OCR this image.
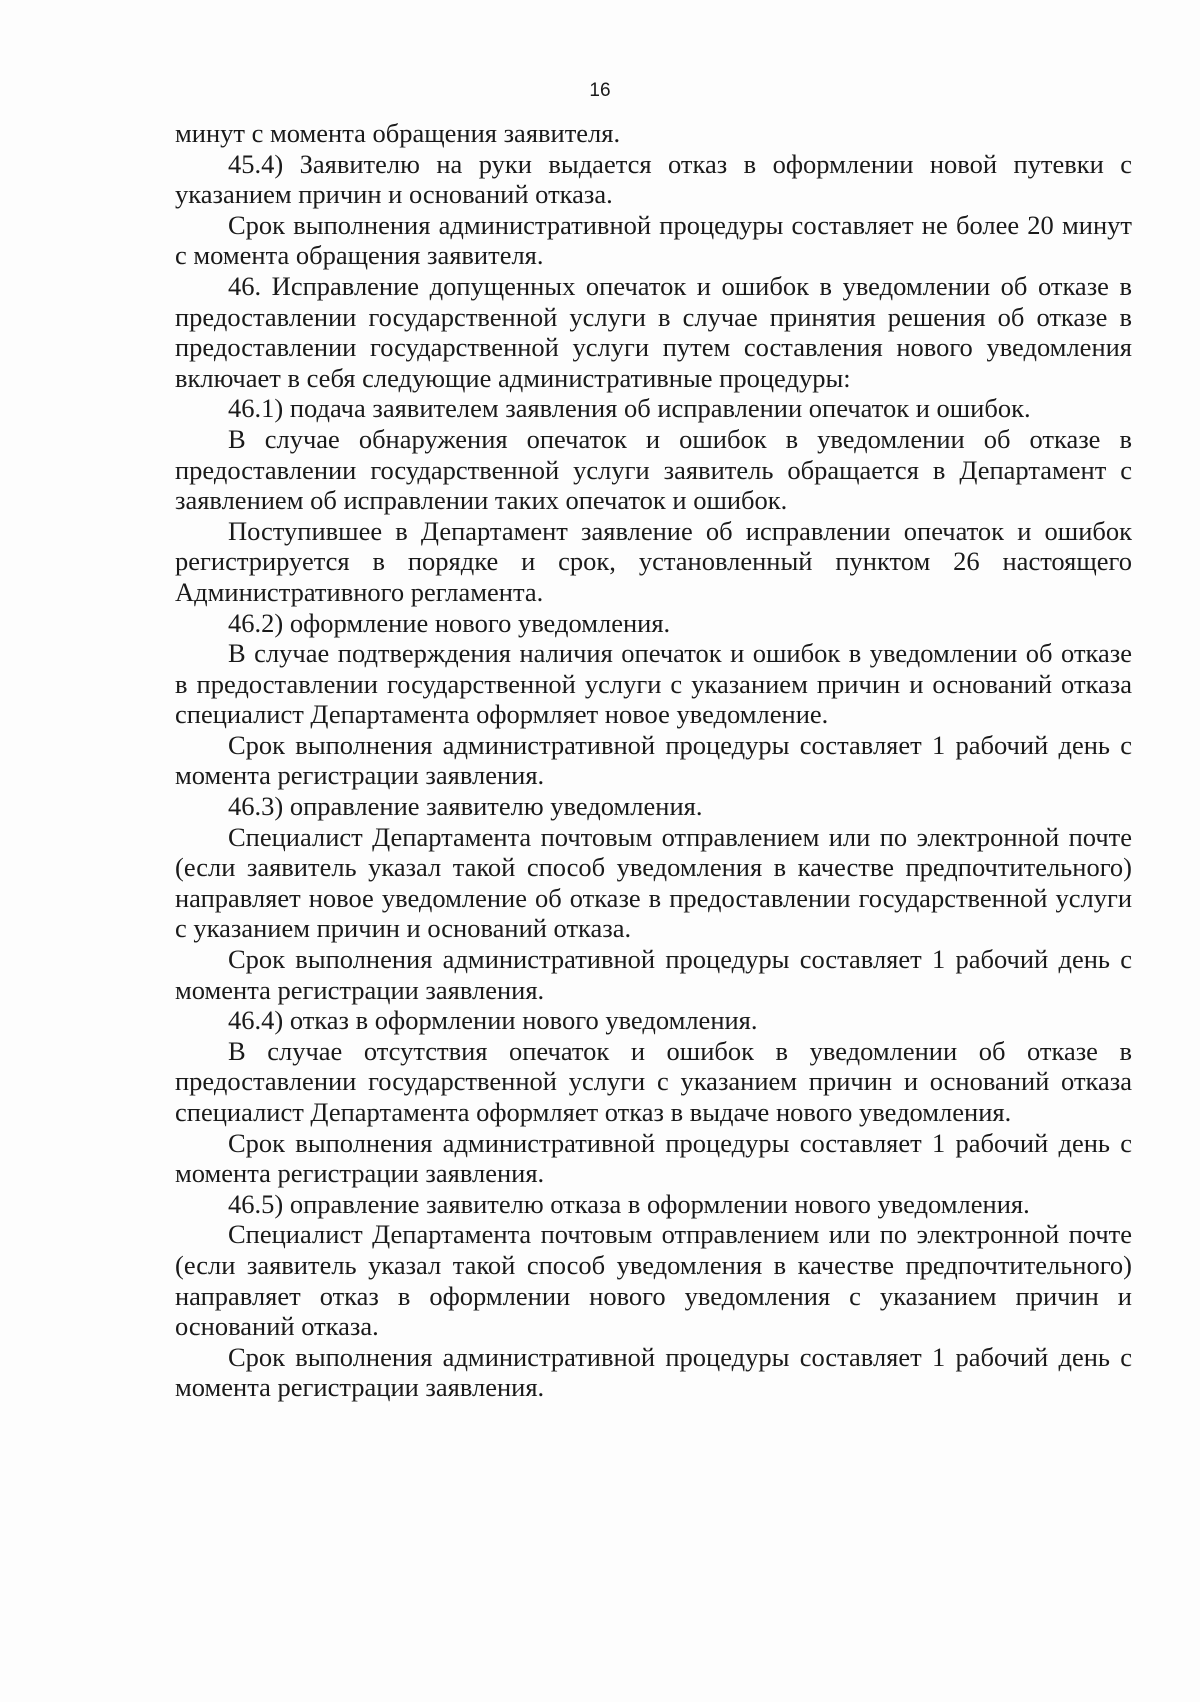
16

минут с момента обращения заявителя.

45.4) Заявителю на руки выдается отказ в оформлении новой путевки с указанием причин и оснований отказа.

Срок выполнения административной процедуры составляет не более 20 минут с момента обращения заявителя.

46. Исправление допущенных опечаток и ошибок в уведомлении об отказе в предоставлении государственной услуги в случае принятия решения об отказе в предоставлении государственной услуги путем составления нового уведомления включает в себя следующие административные процедуры:

46.1) подача заявителем заявления об исправлении опечаток и ошибок.

В случае обнаружения опечаток и ошибок в уведомлении об отказе в предоставлении государственной услуги заявитель обращается в Департамент с заявлением об исправлении таких опечаток и ошибок.

Поступившее в Департамент заявление об исправлении опечаток и ошибок регистрируется в порядке и срок, установленный пунктом 26 настоящего Административного регламента.

46.2) оформление нового уведомления.

В случае подтверждения наличия опечаток и ошибок в уведомлении об отказе в предоставлении государственной услуги с указанием причин и оснований отказа специалист Департамента оформляет новое уведомление.

Срок выполнения административной процедуры составляет 1 рабочий день с момента регистрации заявления.

46.3) оправление заявителю уведомления.

Специалист Департамента почтовым отправлением или по электронной почте (если заявитель указал такой способ уведомления в качестве предпочтительного) направляет новое уведомление об отказе в предоставлении государственной услуги с указанием причин и оснований отказа.

Срок выполнения административной процедуры составляет 1 рабочий день с момента регистрации заявления.

46.4) отказ в оформлении нового уведомления.

В случае отсутствия опечаток и ошибок в уведомлении об отказе в предоставлении государственной услуги с указанием причин и оснований отказа специалист Департамента оформляет отказ в выдаче нового уведомления.

Срок выполнения административной процедуры составляет 1 рабочий день с момента регистрации заявления.

46.5) оправление заявителю отказа в оформлении нового уведомления.

Специалист Департамента почтовым отправлением или по электронной почте (если заявитель указал такой способ уведомления в качестве предпочтительного) направляет отказ в оформлении нового уведомления с указанием причин и оснований отказа.

Срок выполнения административной процедуры составляет 1 рабочий день с момента регистрации заявления.
